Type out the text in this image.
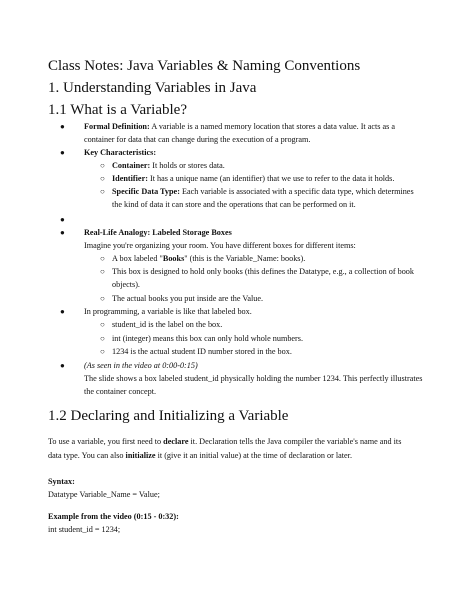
Class Notes: Java Variables & Naming Conventions
1. Understanding Variables in Java
1.1 What is a Variable?
● Formal Definition: A variable is a named memory location that stores a data value. It acts as a
container for data that can change during the execution of a program.
● Key Characteristics:
○ Container: It holds or stores data.
○ Identifier: It has a unique name (an identifier) that we use to refer to the data it holds.
○ Specific Data Type: Each variable is associated with a specific data type, which determines
the kind of data it can store and the operations that can be performed on it.
●
● Real-Life Analogy: Labeled Storage Boxes
Imagine you're organizing your room. You have different boxes for different items:
○ A box labeled "Books" (this is the Variable_Name: books).
○ This box is designed to hold only books (this defines the Datatype, e.g., a collection of book
objects).
○ The actual books you put inside are the Value.
● In programming, a variable is like that labeled box.
○ student_id is the label on the box.
○ int (integer) means this box can only hold whole numbers.
○ 1234 is the actual student ID number stored in the box.
● (As seen in the video at 0:00-0:15)
The slide shows a box labeled student_id physically holding the number 1234. This perfectly illustrates
the container concept.
1.2 Declaring and Initializing a Variable
To use a variable, you first need to declare it. Declaration tells the Java compiler the variable's name and its
data type. You can also initialize it (give it an initial value) at the time of declaration or later.
Syntax:
Datatype Variable_Name = Value;
Example from the video (0:15 - 0:32):
int student_id = 1234;
